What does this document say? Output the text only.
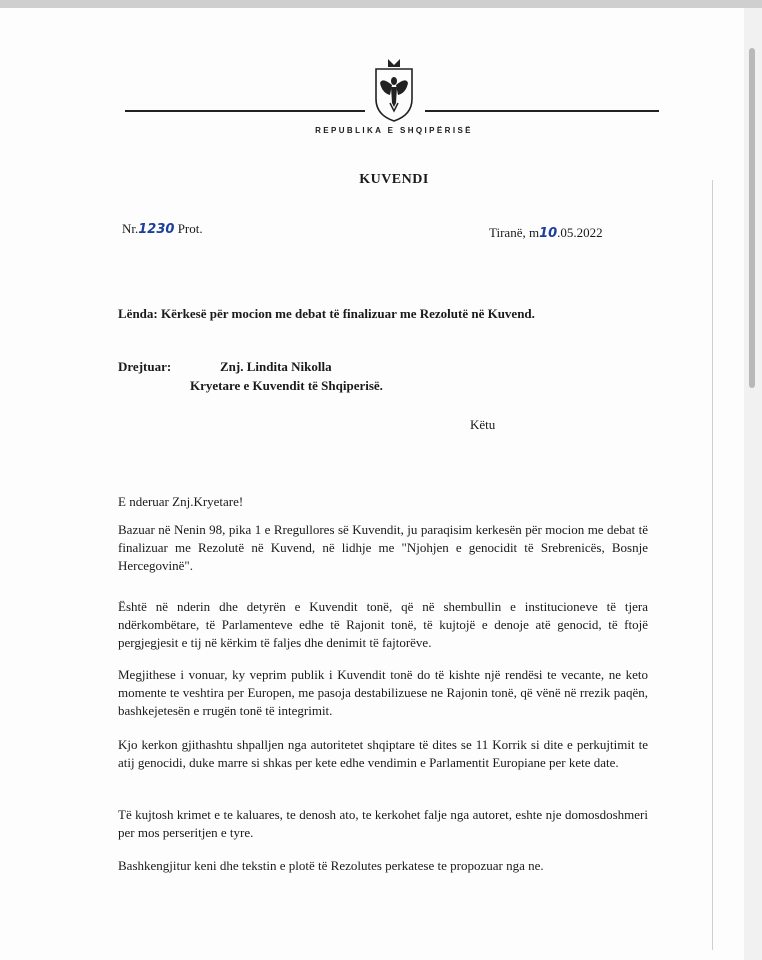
REPUBLIKA E SHQIPËRISË
KUVENDI
Nr.1230 Prot.	Tiranë, m10.05.2022
Lënda: Kërkesë për mocion me debat të finalizuar me Rezolutë në Kuvend.
Drejtuar:	Znj. Lindita Nikolla
Kryetare e Kuvendit të Shqiperisë.
Këtu
E nderuar Znj.Kryetare!
Bazuar në Nenin 98, pika 1 e Rregullores së Kuvendit, ju paraqisim kerkesën për mocion me debat të finalizuar me Rezolutë në Kuvend, në lidhje me "Njohjen e genocidit të Srebrenicës, Bosnje Hercegovinë".
Është në nderin dhe detyrën e Kuvendit tonë, që në shembullin e institucioneve të tjera ndërkombëtare, të Parlamenteve edhe të Rajonit tonë, të kujtojë e denoje atë genocid, të ftojë pergjegjesit e tij në kërkim të faljes dhe denimit të fajtorëve.
Megjithese i vonuar, ky veprim publik i Kuvendit tonë do të kishte një rendësi te vecante, ne keto momente te veshtira per Europen, me pasoja destabilizuese ne Rajonin tonë, që vënë në rrezik paqën, bashkejetesën e rrugën tonë të integrimit.
Kjo kerkon gjithashtu shpalljen nga autoritetet shqiptare të dites se 11 Korrik si dite e perkujtimit te atij genocidi, duke marre si shkas per kete edhe vendimin e Parlamentit Europiane per kete date.
Të kujtosh krimet e te kaluares, te denosh ato, te kerkohet falje nga autoret, eshte nje domosdoshmeri per mos perseritjen e tyre.
Bashkengjitur keni dhe tekstin e plotë të Rezolutes perkatese te propozuar nga ne.
